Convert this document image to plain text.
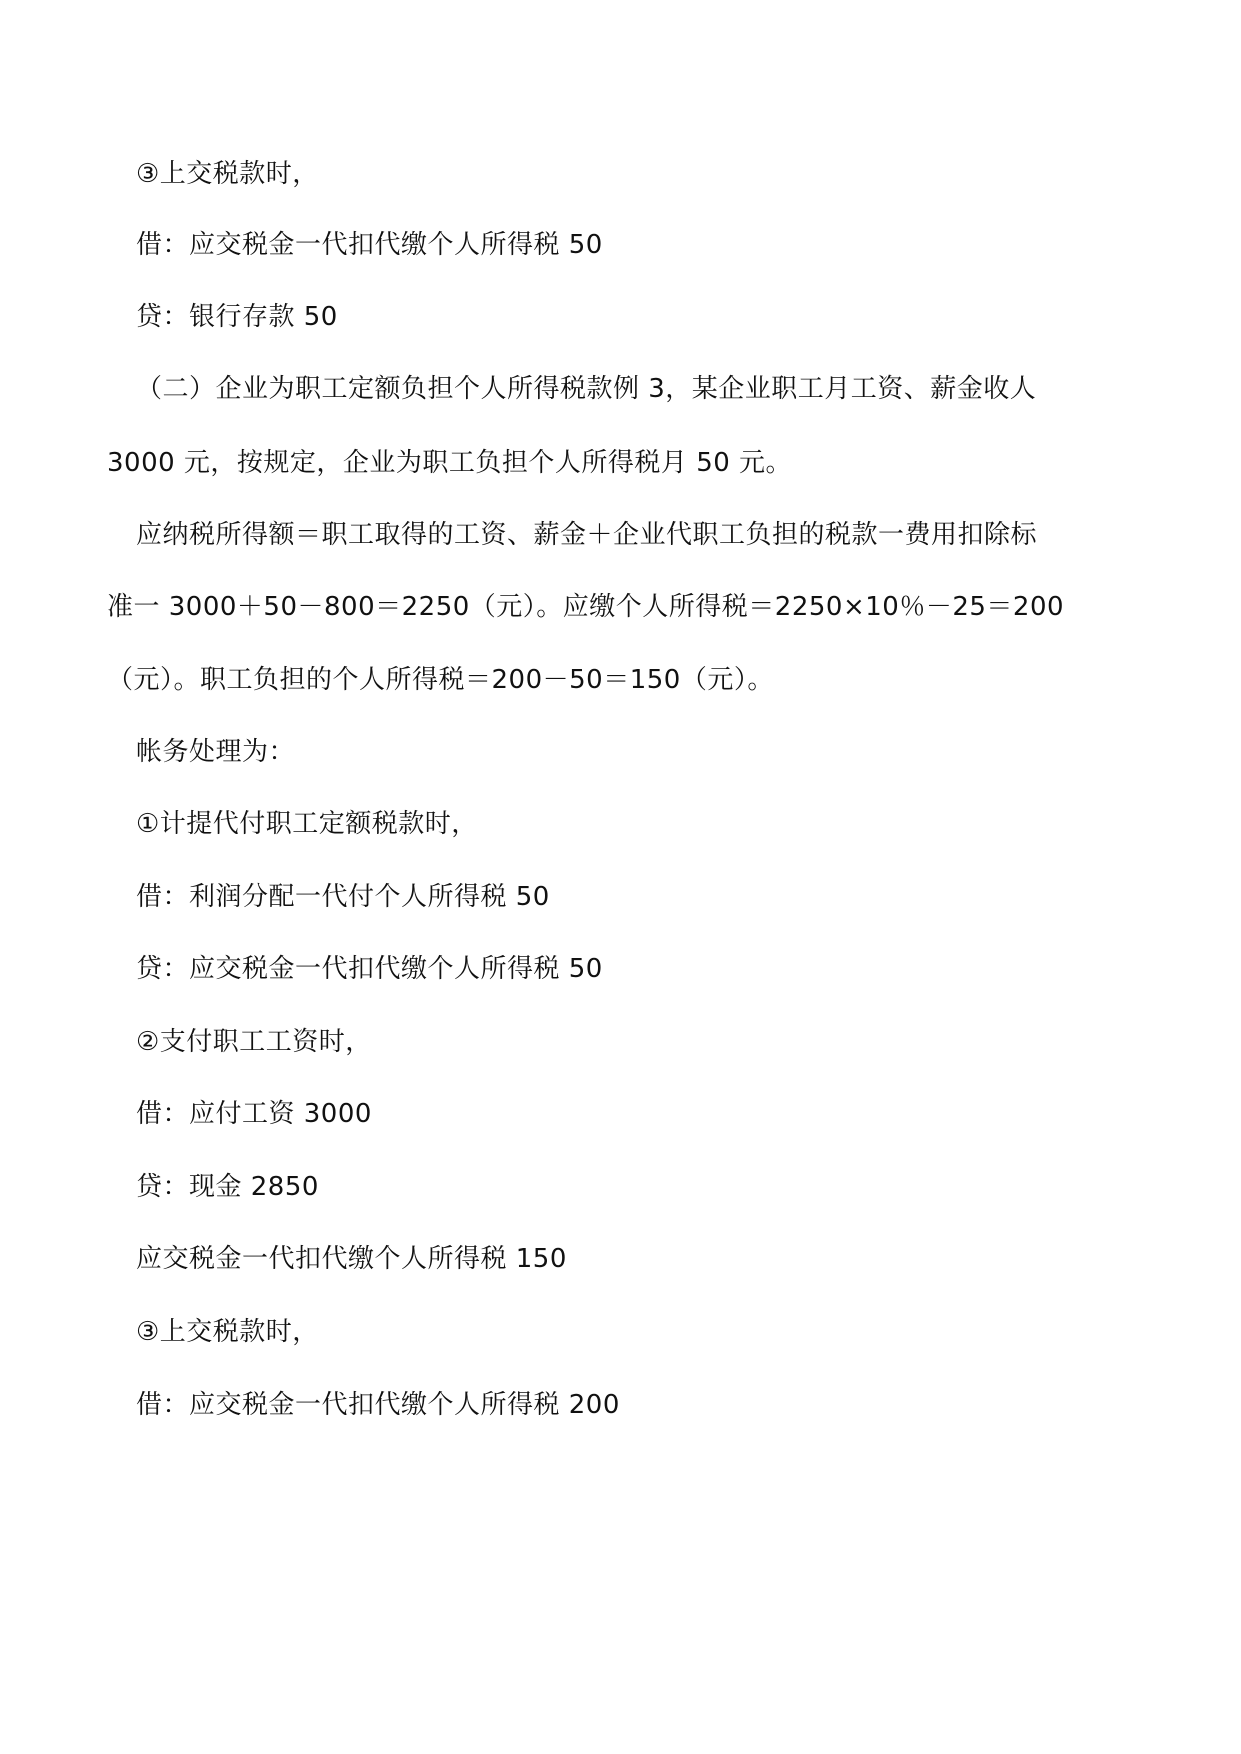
③上交税款时，
借：应交税金一代扣代缴个人所得税 50
贷：银行存款 50
（二）企业为职工定额负担个人所得税款例 3，某企业职工月工资、薪金收人
3000 元，按规定，企业为职工负担个人所得税月 50 元。
应纳税所得额＝职工取得的工资、薪金＋企业代职工负担的税款一费用扣除标
准一 3000＋50－800＝2250（元）。应缴个人所得税＝2250×10％－25＝200
（元）。职工负担的个人所得税＝200－50＝150（元）。
帐务处理为：
①计提代付职工定额税款时，
借：利润分配一代付个人所得税 50
贷：应交税金一代扣代缴个人所得税 50
②支付职工工资时，
借：应付工资 3000
贷：现金 2850
应交税金一代扣代缴个人所得税 150
③上交税款时，
借：应交税金一代扣代缴个人所得税 200
